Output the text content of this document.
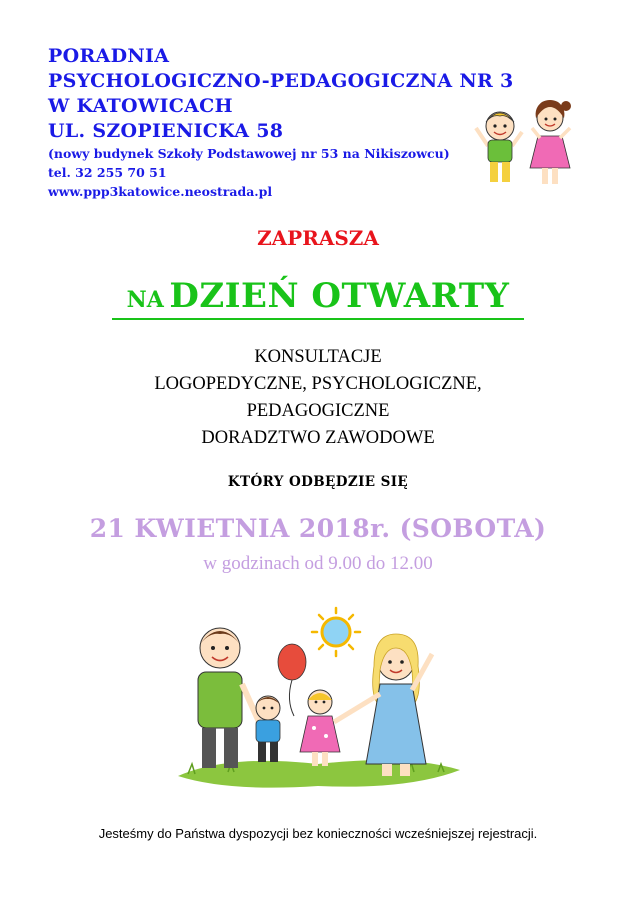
PORADNIA
PSYCHOLOGICZNO-PEDAGOGICZNA NR 3
W KATOWICACH
UL. SZOPIENICKA 58
(nowy budynek Szkoły Podstawowej nr 53 na Nikiszowcu)
tel. 32 255 70 51
www.ppp3katowice.neostrada.pl
ZAPRASZA
NA DZIEŃ OTWARTY
KONSULTACJE
LOGOPEDYCZNE, PSYCHOLOGICZNE,
PEDAGOGICZNE
DORADZTWO ZAWODOWE
KTÓRY ODBĘDZIE SIĘ
21 KWIETNIA 2018r. (SOBOTA)
w godzinach od 9.00 do 12.00
Jesteśmy do Państwa dyspozycji bez konieczności wcześniejszej rejestracji.
